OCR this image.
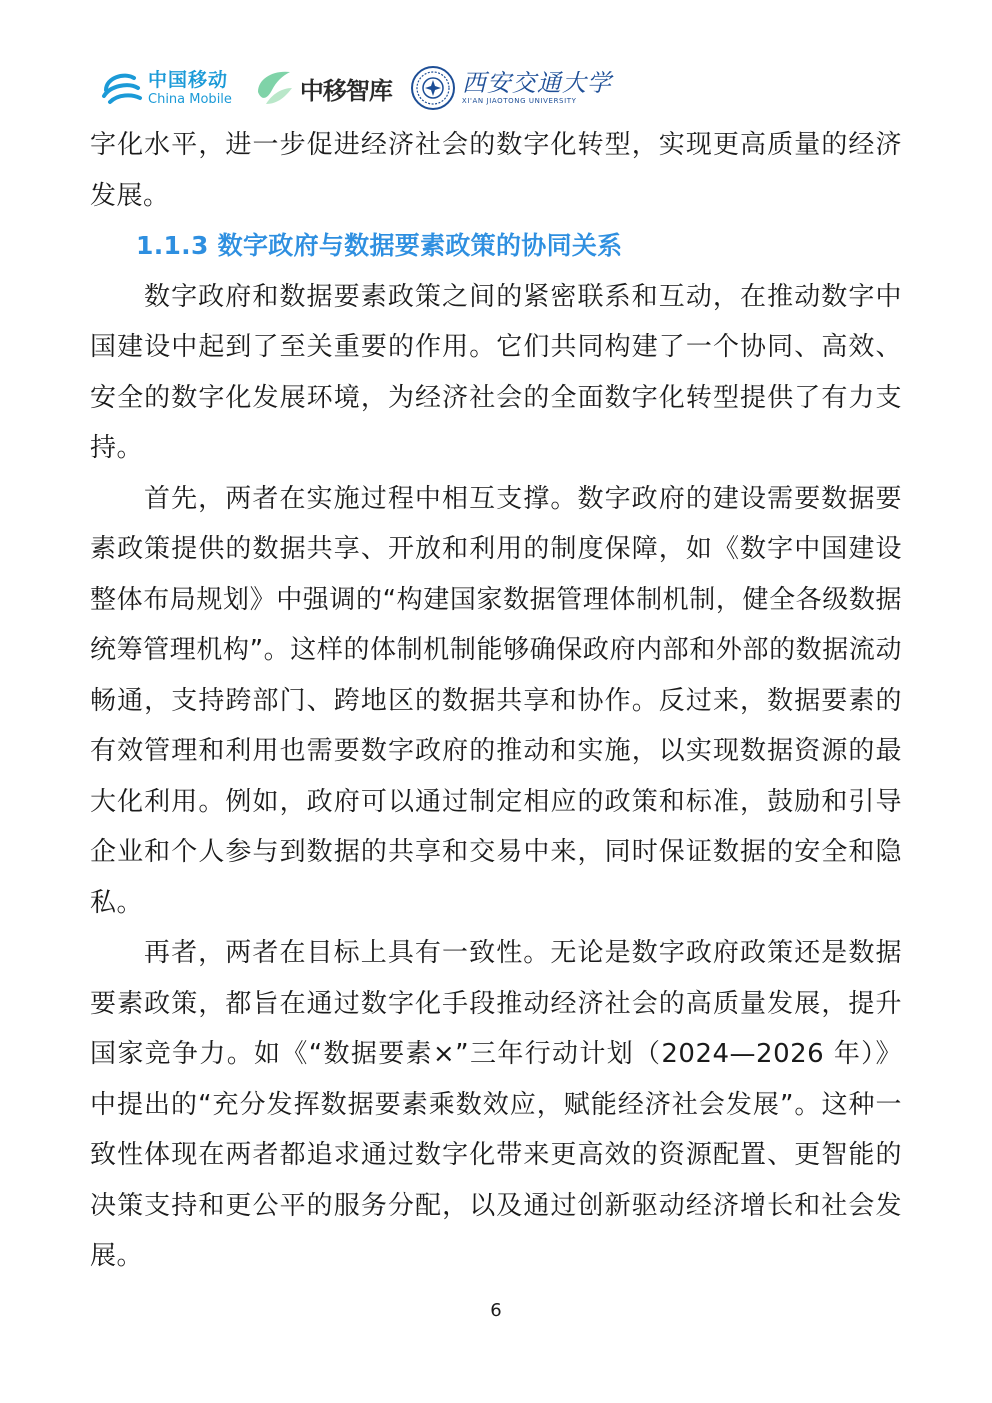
中国移动
China Mobile	中移智库	西安交通大学
XI'AN JIAOTONG UNIVERSITY

字化水平，进一步促进经济社会的数字化转型，实现更高质量的经济发展。

1.1.3 数字政府与数据要素政策的协同关系

数字政府和数据要素政策之间的紧密联系和互动，在推动数字中国建设中起到了至关重要的作用。它们共同构建了一个协同、高效、安全的数字化发展环境，为经济社会的全面数字化转型提供了有力支持。

首先，两者在实施过程中相互支撑。数字政府的建设需要数据要素政策提供的数据共享、开放和利用的制度保障，如《数字中国建设整体布局规划》中强调的“构建国家数据管理体制机制，健全各级数据统筹管理机构”。这样的体制机制能够确保政府内部和外部的数据流动畅通，支持跨部门、跨地区的数据共享和协作。反过来，数据要素的有效管理和利用也需要数字政府的推动和实施，以实现数据资源的最大化利用。例如，政府可以通过制定相应的政策和标准，鼓励和引导企业和个人参与到数据的共享和交易中来，同时保证数据的安全和隐私。

再者，两者在目标上具有一致性。无论是数字政府政策还是数据要素政策，都旨在通过数字化手段推动经济社会的高质量发展，提升国家竞争力。如《“数据要素×”三年行动计划（2024—2026 年）》中提出的“充分发挥数据要素乘数效应，赋能经济社会发展”。这种一致性体现在两者都追求通过数字化带来更高效的资源配置、更智能的决策支持和更公平的服务分配，以及通过创新驱动经济增长和社会发展。

6
